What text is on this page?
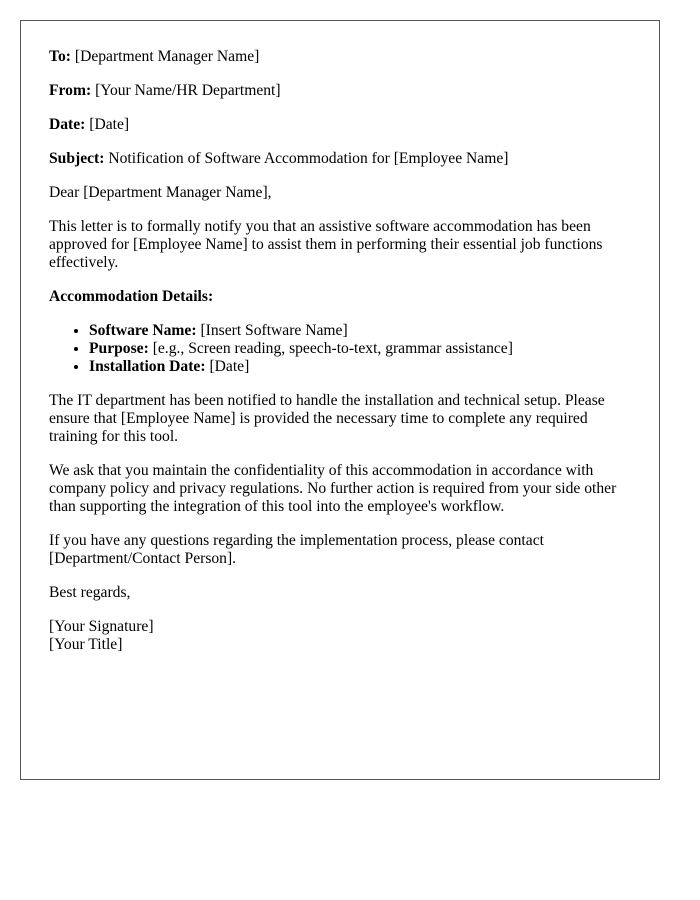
To: [Department Manager Name]

From: [Your Name/HR Department]

Date: [Date]

Subject: Notification of Software Accommodation for [Employee Name]

Dear [Department Manager Name],

This letter is to formally notify you that an assistive software accommodation has been approved for [Employee Name] to assist them in performing their essential job functions effectively.

Accommodation Details:

• Software Name: [Insert Software Name]
• Purpose: [e.g., Screen reading, speech-to-text, grammar assistance]
• Installation Date: [Date]

The IT department has been notified to handle the installation and technical setup. Please ensure that [Employee Name] is provided the necessary time to complete any required training for this tool.

We ask that you maintain the confidentiality of this accommodation in accordance with company policy and privacy regulations. No further action is required from your side other than supporting the integration of this tool into the employee's workflow.

If you have any questions regarding the implementation process, please contact
[Department/Contact Person].

Best regards,

[Your Signature]
[Your Title]
